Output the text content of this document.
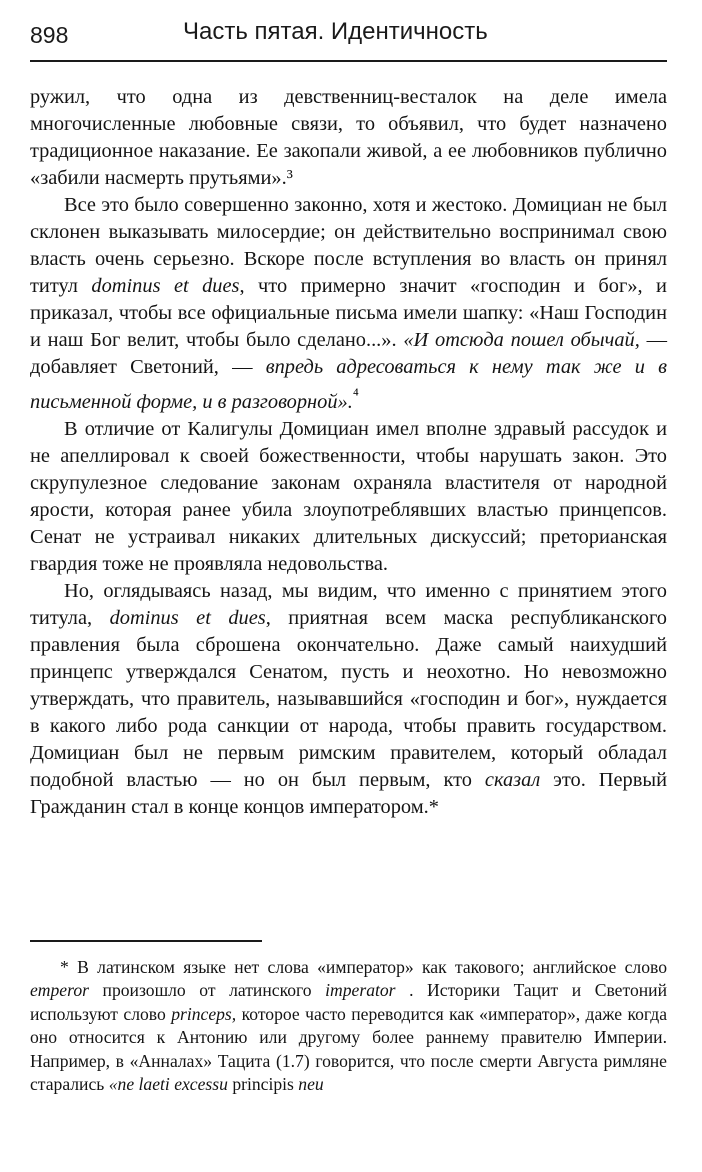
898	Часть пятая. Идентичность

ружил, что одна из девственниц-весталок на деле имела многочисленные любовные связи, то объявил, что будет назначено традиционное наказание. Ее закопали живой, а ее любовников публично «забили насмерть прутьями».³

Все это было совершенно законно, хотя и жестоко. Домициан не был склонен выказывать милосердие; он действительно воспринимал свою власть очень серьезно. Вскоре после вступления во власть он принял титул dominus et dues, что примерно значит «господин и бог», и приказал, чтобы все официальные письма имели шапку: «Наш Господин и наш Бог велит, чтобы было сделано...». «И отсюда пошел обычай, — добавляет Светоний, — впредь адресоваться к нему так же и в письменной форме, и в разговорной».$^{^4}$

В отличие от Калигулы Домициан имел вполне здравый рассудок и не апеллировал к своей божественности, чтобы нарушать закон. Это скрупулезное следование законам охраняла властителя от народной ярости, которая ранее убила злоупотреблявших властью принцепсов. Сенат не устраивал никаких длительных дискуссий; преторианская гвардия тоже не проявляла недовольства.

Но, оглядываясь назад, мы видим, что именно с принятием этого титула, dominus et dues, приятная всем маска республиканского правления была сброшена окончательно. Даже самый наихудший принцепс утверждался Сенатом, пусть и неохотно. Но невозможно утверждать, что правитель, называвшийся «господин и бог», нуждается в какого либо рода санкции от народа, чтобы править государством. Домициан был не первым римским правителем, который обладал подобной властью — но он был первым, кто сказал это. Первый Гражданин стал в конце концов императором.*

* В латинском языке нет слова «император» как такового; английское слово emperor произошло от латинского imperator . Историки Тацит и Светоний используют слово princeps, которое часто переводится как «император», даже когда оно относится к Антонию или другому более раннему правителю Империи. Например, в «Анналах» Тацита (1.7) говорится, что после смерти Августа римляне старались «ne laeti excessu principis neu
